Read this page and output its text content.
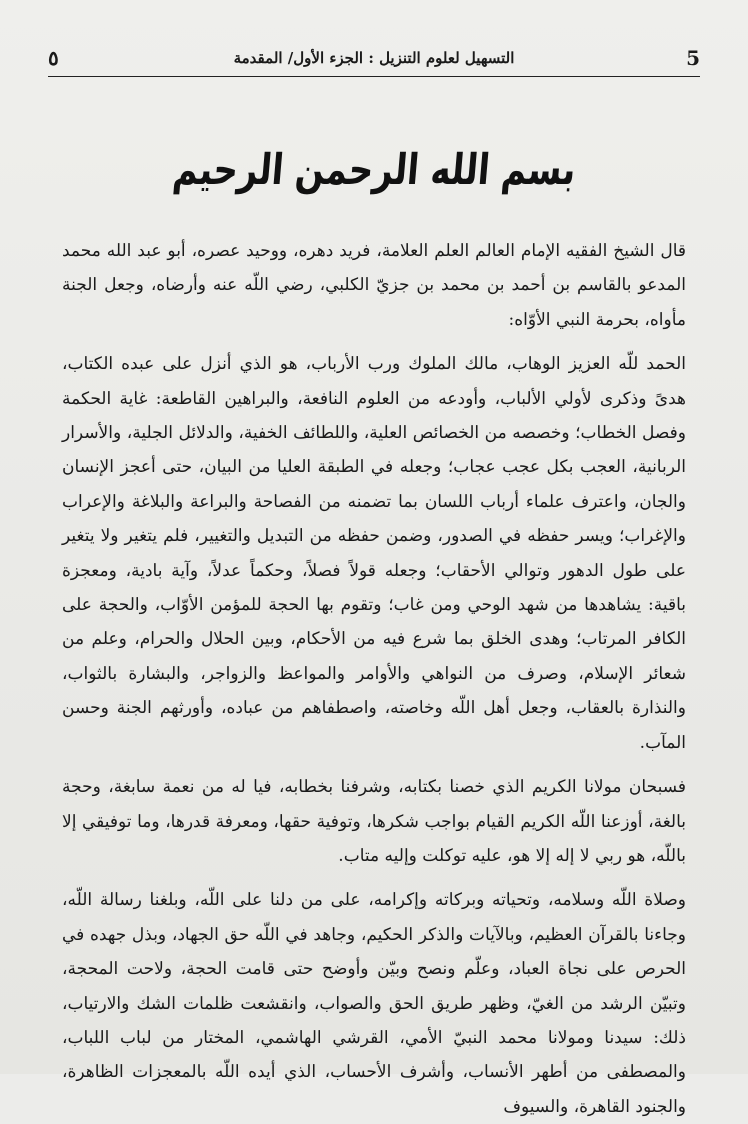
٥	التسهيل لعلوم التنزيل : الجزء الأول/ المقدمة	5
بسم الله الرحمن الرحيم

قال الشيخ الفقيه الإمام العالم العلم العلامة، فريد دهره، ووحيد عصره، أبو عبد الله محمد المدعو بالقاسم بن أحمد بن محمد بن جزيّ الكلبي، رضي اللّه عنه وأرضاه، وجعل الجنة مأواه، بحرمة النبي الأوّاه:

الحمد للّه العزيز الوهاب، مالك الملوك ورب الأرباب، هو الذي أنزل على عبده الكتاب، هدىً وذكرى لأولي الألباب، وأودعه من العلوم النافعة، والبراهين القاطعة: غاية الحكمة وفصل الخطاب؛ وخصصه من الخصائص العلية، واللطائف الخفية، والدلائل الجلية، والأسرار الربانية، العجب بكل عجب عجاب؛ وجعله في الطبقة العليا من البيان، حتى أعجز الإنسان والجان، واعترف علماء أرباب اللسان بما تضمنه من الفصاحة والبراعة والبلاغة والإعراب والإغراب؛ ويسر حفظه في الصدور، وضمن حفظه من التبديل والتغيير، فلم يتغير ولا يتغير على طول الدهور وتوالي الأحقاب؛ وجعله قولاً فصلاً، وحكماً عدلاً، وآية بادية، ومعجزة باقية: يشاهدها من شهد الوحي ومن غاب؛ وتقوم بها الحجة للمؤمن الأوّاب، والحجة على الكافر المرتاب؛ وهدى الخلق بما شرع فيه من الأحكام، وبين الحلال والحرام، وعلم من شعائر الإسلام، وصرف من النواهي والأوامر والمواعظ والزواجر، والبشارة بالثواب، والنذارة بالعقاب، وجعل أهل اللّه وخاصته، واصطفاهم من عباده، وأورثهم الجنة وحسن المآب.

فسبحان مولانا الكريم الذي خصنا بكتابه، وشرفنا بخطابه، فيا له من نعمة سابغة، وحجة بالغة، أوزعنا اللّه الكريم القيام بواجب شكرها، وتوفية حقها، ومعرفة قدرها، وما توفيقي إلا باللّه، هو ربي لا إله إلا هو، عليه توكلت وإليه متاب.

وصلاة اللّه وسلامه، وتحياته وبركاته وإكرامه، على من دلنا على اللّه، وبلغنا رسالة اللّه، وجاءنا بالقرآن العظيم، وبالآيات والذكر الحكيم، وجاهد في اللّه حق الجهاد، وبذل جهده في الحرص على نجاة العباد، وعلّم ونصح وبيّن وأوضح حتى قامت الحجة، ولاحت المحجة، وتبيّن الرشد من الغيّ، وظهر طريق الحق والصواب، وانقشعت ظلمات الشك والارتياب، ذلك: سيدنا ومولانا محمد النبيّ الأمي، القرشي الهاشمي، المختار من لباب اللباب، والمصطفى من أطهر الأنساب، وأشرف الأحساب، الذي أيده اللّه بالمعجزات الظاهرة، والجنود القاهرة، والسيوف
